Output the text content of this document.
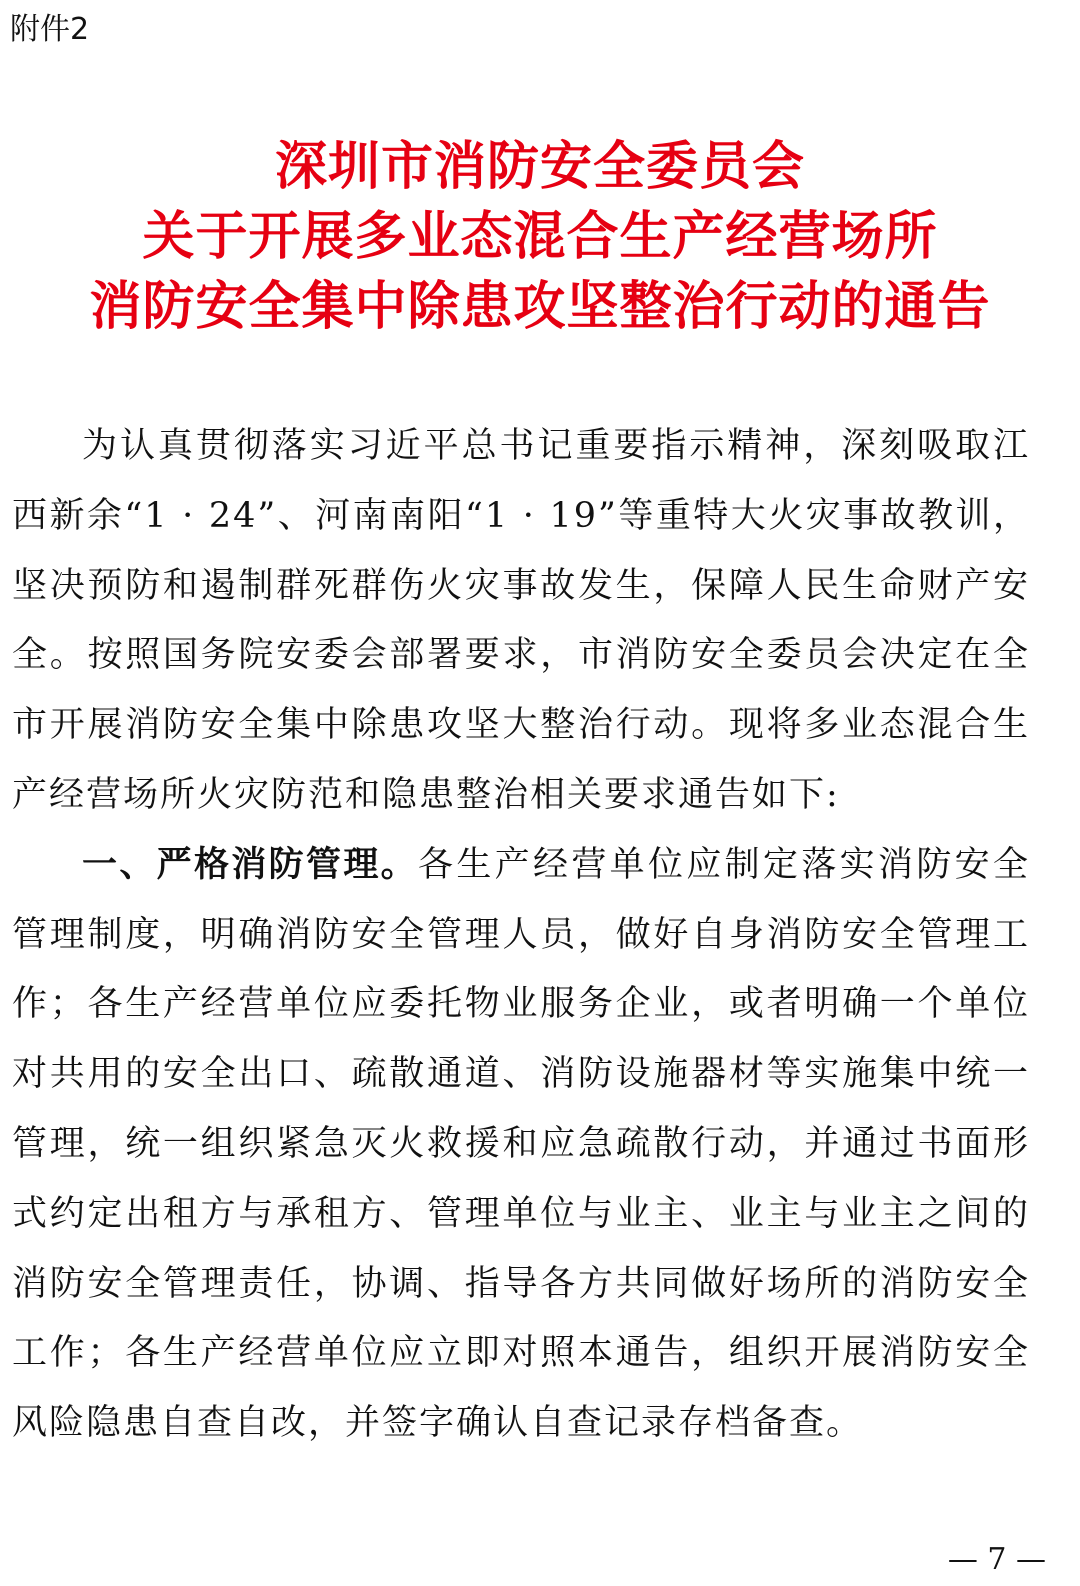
附件2
深圳市消防安全委员会
关于开展多业态混合生产经营场所
消防安全集中除患攻坚整治行动的通告

为认真贯彻落实习近平总书记重要指示精神，深刻吸取江西新余“1 · 24”、河南南阳“1 · 19”等重特大火灾事故教训，坚决预防和遏制群死群伤火灾事故发生，保障人民生命财产安全。按照国务院安委会部署要求，市消防安全委员会决定在全市开展消防安全集中除患攻坚大整治行动。现将多业态混合生产经营场所火灾防范和隐患整治相关要求通告如下:

一、严格消防管理。各生产经营单位应制定落实消防安全管理制度，明确消防安全管理人员，做好自身消防安全管理工作；各生产经营单位应委托物业服务企业，或者明确一个单位对共用的安全出口、疏散通道、消防设施器材等实施集中统一管理，统一组织紧急灭火救援和应急疏散行动，并通过书面形式约定出租方与承租方、管理单位与业主、业主与业主之间的消防安全管理责任，协调、指导各方共同做好场所的消防安全工作；各生产经营单位应立即对照本通告，组织开展消防安全风险隐患自查自改，并签字确认自查记录存档备查。

— 7 —
